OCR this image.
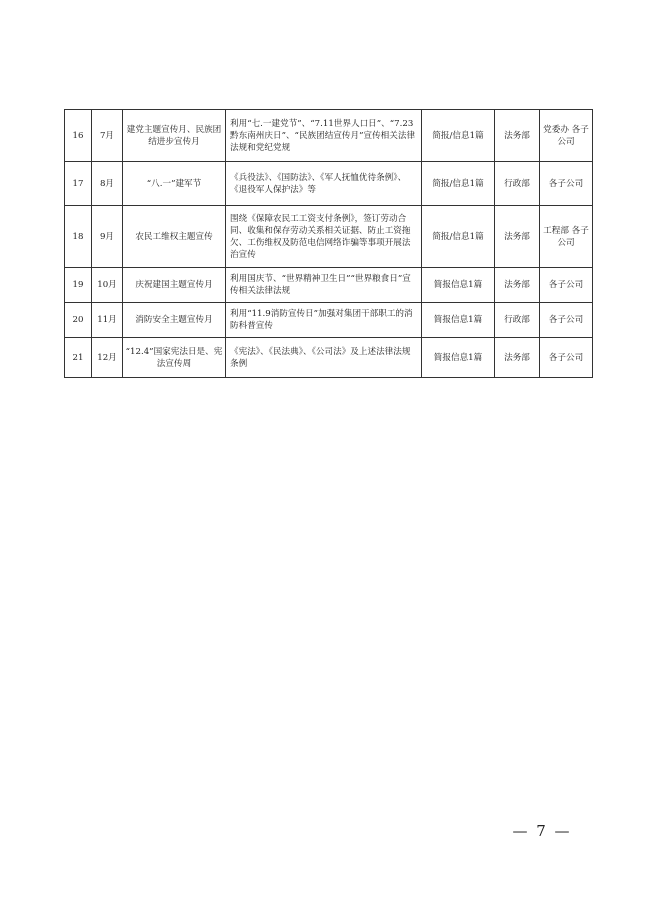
16	7月	建党主题宣传月、民族团结进步宣传月	利用“七.一建党节”、“7.11世界人口日”、“7.23黔东南州庆日”、“民族团结宣传月”宣传相关法律法规和党纪党规	简报/信息1篇	法务部	党委办 各子公司
17	8月	“八.一”建军节	《兵役法》、《国防法》、《军人抚恤优待条例》、《退役军人保护法》等	简报/信息1篇	行政部	各子公司
18	9月	农民工维权主题宣传	围绕《保障农民工工资支付条例》，签订劳动合同、收集和保存劳动关系相关证据、防止工资拖欠、工伤维权及防范电信网络诈骗等事项开展法治宣传	简报/信息1篇	法务部	工程部 各子公司
19	10月	庆祝建国主题宣传月	利用国庆节、“世界精神卫生日”“世界粮食日”宣传相关法律法规	简报信息1篇	法务部	各子公司
20	11月	消防安全主题宣传月	利用“11.9消防宣传日”加强对集团干部职工的消防科普宣传	简报信息1篇	行政部	各子公司
21	12月	“12.4”国家宪法日是、宪法宣传周	《宪法》、《民法典》、《公司法》及上述法律法规条例	简报信息1篇	法务部	各子公司
— 7 —
